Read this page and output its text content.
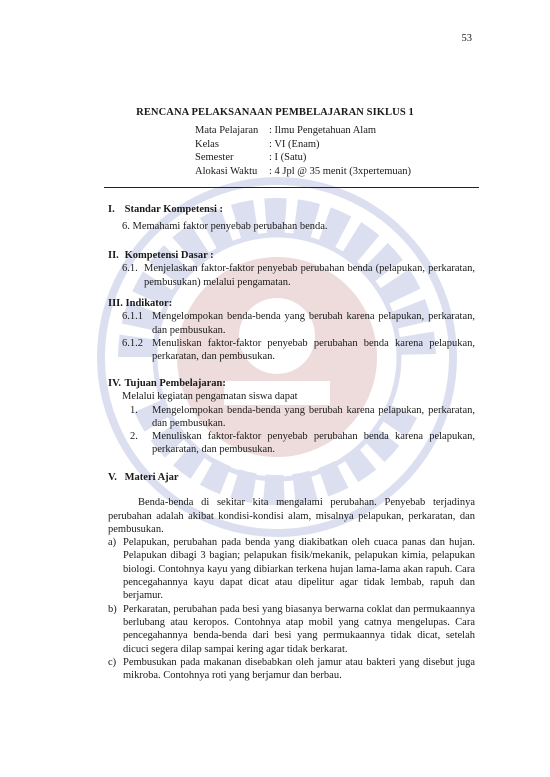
53
RENCANA PELAKSANAAN PEMBELAJARAN SIKLUS 1
Mata Pelajaran	: Ilmu Pengetahuan Alam
Kelas	: VI (Enam)
Semester	: I (Satu)
Alokasi Waktu	: 4 Jpl @ 35 menit (3xpertemuan)
I. Standar Kompetensi :
6. Memahami faktor penyebab perubahan benda.
II. Kompetensi Dasar :
6.1. Menjelaskan faktor-faktor penyebab perubahan benda (pelapukan, perkaratan, pembusukan) melalui pengamatan.
III. Indikator:
6.1.1 Mengelompokan benda-benda yang berubah karena pelapukan, perkaratan, dan pembusukan.
6.1.2 Menuliskan faktor-faktor penyebab perubahan benda karena pelapukan, perkaratan, dan pembusukan.
IV. Tujuan Pembelajaran:
Melalui kegiatan pengamatan siswa dapat
1.	Mengelompokan benda-benda yang berubah karena pelapukan, perkaratan, dan pembusukan.
2.	Menuliskan faktor-faktor penyebab perubahan benda karena pelapukan, perkaratan, dan pembusukan.
V. Materi Ajar
Benda-benda di sekitar kita mengalami perubahan. Penyebab terjadinya perubahan adalah akibat kondisi-kondisi alam, misalnya pelapukan, perkaratan, dan pembusukan.
a) Pelapukan, perubahan pada benda yang diakibatkan oleh cuaca panas dan hujan. Pelapukan dibagi 3 bagian; pelapukan fisik/mekanik, pelapukan kimia, pelapukan biologi. Contohnya kayu yang dibiarkan terkena hujan lama-lama akan rapuh. Cara pencegahannya kayu dapat dicat atau dipelitur agar tidak lembab, rapuh dan berjamur.
b) Perkaratan, perubahan pada besi yang biasanya berwarna coklat dan permukaannya berlubang atau keropos. Contohnya atap mobil yang catnya mengelupas. Cara pencegahannya benda-benda dari besi yang permukaannya tidak dicat, setelah dicuci segera dilap sampai kering agar tidak berkarat.
c) Pembusukan pada makanan disebabkan oleh jamur atau bakteri yang disebut juga mikroba. Contohnya roti yang berjamur dan berbau.
